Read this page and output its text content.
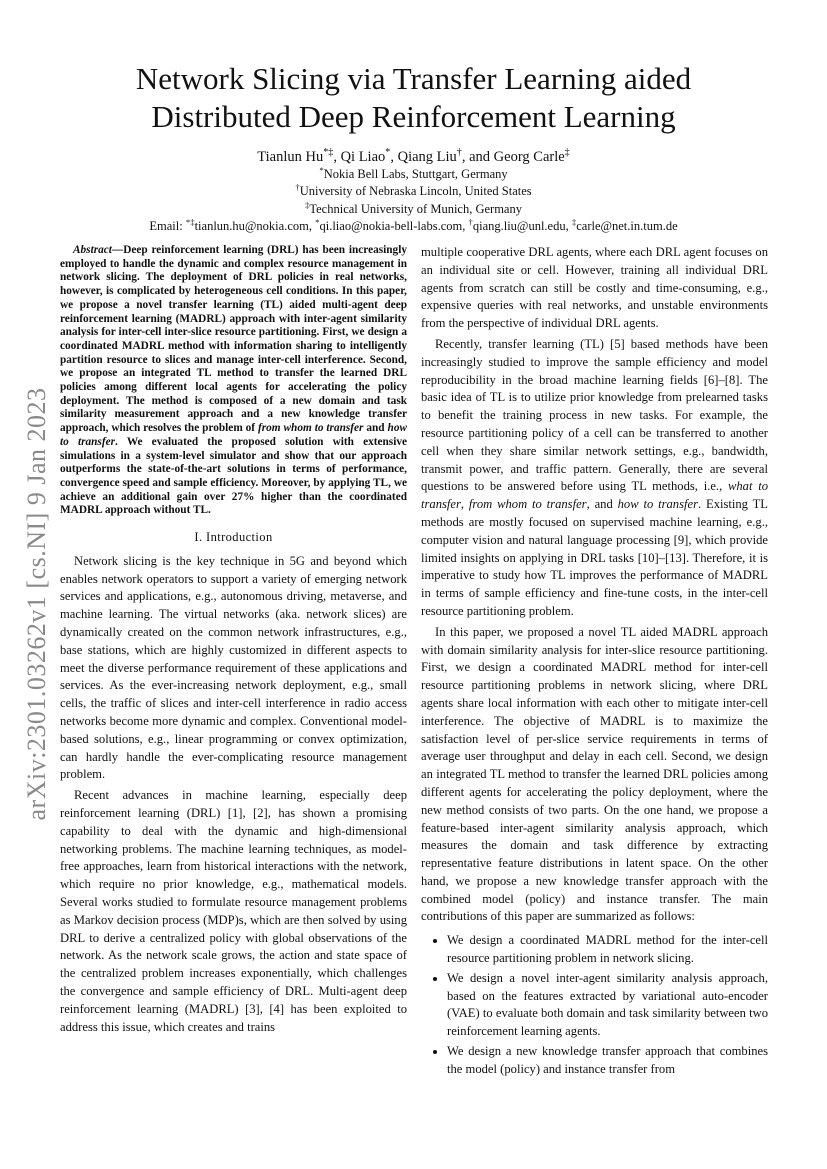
arXiv:2301.03262v1 [cs.NI] 9 Jan 2023
Network Slicing via Transfer Learning aided
Distributed Deep Reinforcement Learning
Tianlun Hu*‡, Qi Liao*, Qiang Liu†, and Georg Carle‡
*Nokia Bell Labs, Stuttgart, Germany
†University of Nebraska Lincoln, United States
‡Technical University of Munich, Germany
Email: *‡tianlun.hu@nokia.com, *qi.liao@nokia-bell-labs.com, †qiang.liu@unl.edu, ‡carle@net.in.tum.de

Abstract—Deep reinforcement learning (DRL) has been increasingly employed to handle the dynamic and complex resource management in network slicing. The deployment of DRL policies in real networks, however, is complicated by heterogeneous cell conditions. In this paper, we propose a novel transfer learning (TL) aided multi-agent deep reinforcement learning (MADRL) approach with inter-agent similarity analysis for inter-cell inter-slice resource partitioning. First, we design a coordinated MADRL method with information sharing to intelligently partition resource to slices and manage inter-cell interference. Second, we propose an integrated TL method to transfer the learned DRL policies among different local agents for accelerating the policy deployment. The method is composed of a new domain and task similarity measurement approach and a new knowledge transfer approach, which resolves the problem of from whom to transfer and how to transfer. We evaluated the proposed solution with extensive simulations in a system-level simulator and show that our approach outperforms the state-of-the-art solutions in terms of performance, convergence speed and sample efficiency. Moreover, by applying TL, we achieve an additional gain over 27% higher than the coordinated MADRL approach without TL.

I. Introduction

Network slicing is the key technique in 5G and beyond which enables network operators to support a variety of emerging network services and applications, e.g., autonomous driving, metaverse, and machine learning. The virtual networks (aka. network slices) are dynamically created on the common network infrastructures, e.g., base stations, which are highly customized in different aspects to meet the diverse performance requirement of these applications and services. As the ever-increasing network deployment, e.g., small cells, the traffic of slices and inter-cell interference in radio access networks become more dynamic and complex. Conventional model-based solutions, e.g., linear programming or convex optimization, can hardly handle the ever-complicating resource management problem.

Recent advances in machine learning, especially deep reinforcement learning (DRL) [1], [2], has shown a promising capability to deal with the dynamic and high-dimensional networking problems. The machine learning techniques, as model-free approaches, learn from historical interactions with the network, which require no prior knowledge, e.g., mathematical models. Several works studied to formulate resource management problems as Markov decision process (MDP)s, which are then solved by using DRL to derive a centralized policy with global observations of the network. As the network scale grows, the action and state space of the centralized problem increases exponentially, which challenges the convergence and sample efficiency of DRL. Multi-agent deep reinforcement learning (MADRL) [3], [4] has been exploited to address this issue, which creates and trains

multiple cooperative DRL agents, where each DRL agent focuses on an individual site or cell. However, training all individual DRL agents from scratch can still be costly and time-consuming, e.g., expensive queries with real networks, and unstable environments from the perspective of individual DRL agents.

Recently, transfer learning (TL) [5] based methods have been increasingly studied to improve the sample efficiency and model reproducibility in the broad machine learning fields [6]–[8]. The basic idea of TL is to utilize prior knowledge from prelearned tasks to benefit the training process in new tasks. For example, the resource partitioning policy of a cell can be transferred to another cell when they share similar network settings, e.g., bandwidth, transmit power, and traffic pattern. Generally, there are several questions to be answered before using TL methods, i.e., what to transfer, from whom to transfer, and how to transfer. Existing TL methods are mostly focused on supervised machine learning, e.g., computer vision and natural language processing [9], which provide limited insights on applying in DRL tasks [10]–[13]. Therefore, it is imperative to study how TL improves the performance of MADRL in terms of sample efficiency and fine-tune costs, in the inter-cell resource partitioning problem.

In this paper, we proposed a novel TL aided MADRL approach with domain similarity analysis for inter-slice resource partitioning. First, we design a coordinated MADRL method for inter-cell resource partitioning problems in network slicing, where DRL agents share local information with each other to mitigate inter-cell interference. The objective of MADRL is to maximize the satisfaction level of per-slice service requirements in terms of average user throughput and delay in each cell. Second, we design an integrated TL method to transfer the learned DRL policies among different agents for accelerating the policy deployment, where the new method consists of two parts. On the one hand, we propose a feature-based inter-agent similarity analysis approach, which measures the domain and task difference by extracting representative feature distributions in latent space. On the other hand, we propose a new knowledge transfer approach with the combined model (policy) and instance transfer. The main contributions of this paper are summarized as follows:

• We design a coordinated MADRL method for the inter-cell resource partitioning problem in network slicing.
• We design a novel inter-agent similarity analysis approach, based on the features extracted by variational auto-encoder (VAE) to evaluate both domain and task similarity between two reinforcement learning agents.
• We design a new knowledge transfer approach that combines the model (policy) and instance transfer from
